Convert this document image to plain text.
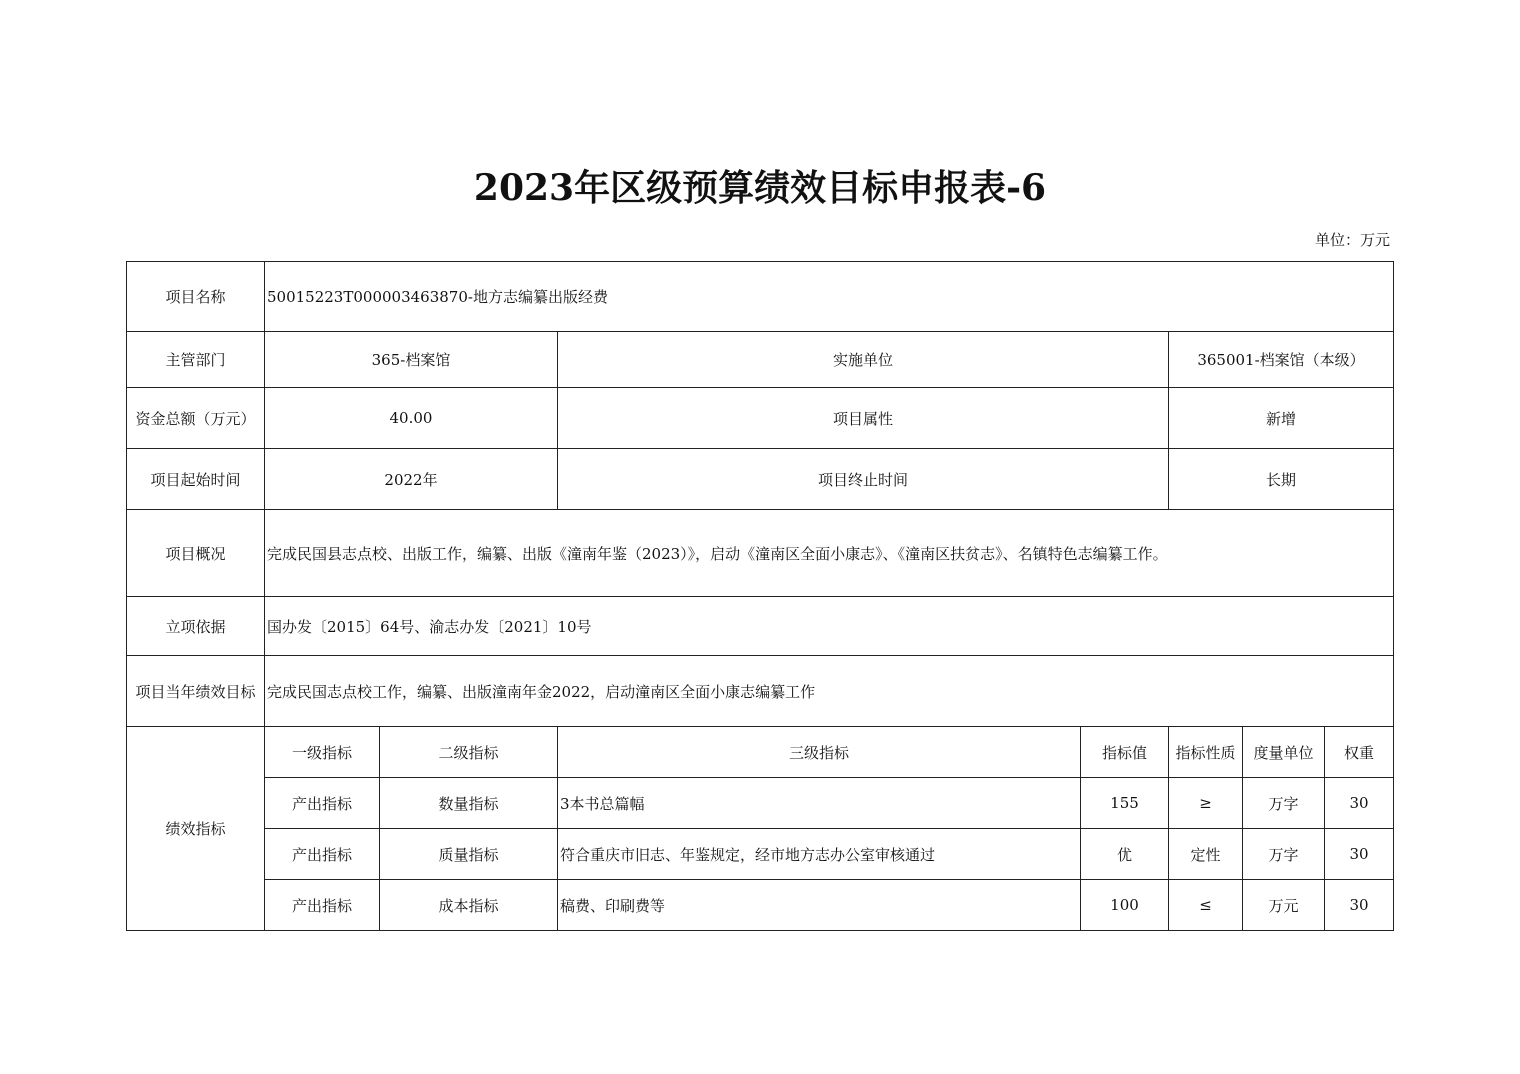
2023年区级预算绩效目标申报表-6
单位：万元
项目名称	50015223T000003463870-地方志编纂出版经费						
主管部门	365-档案馆		实施单位		365001-档案馆（本级）		
资金总额（万元）	40.00		项目属性		新增		
项目起始时间	2022年		项目终止时间		长期		
项目概况	完成民国县志点校、出版工作，编纂、出版《潼南年鉴（2023）》，启动《潼南区全面小康志》、《潼南区扶贫志》、名镇特色志编纂工作。						
立项依据	国办发〔2015〕64号、渝志办发〔2021〕10号						
项目当年绩效目标	完成民国志点校工作，编纂、出版潼南年金2022，启动潼南区全面小康志编纂工作						
绩效指标	一级指标	二级指标	三级指标	指标值	指标性质	度量单位	权重
	产出指标	数量指标	3本书总篇幅	155	≥	万字	30
	产出指标	质量指标	符合重庆市旧志、年鉴规定，经市地方志办公室审核通过	优	定性	万字	30
	产出指标	成本指标	稿费、印刷费等	100	≤	万元	30
